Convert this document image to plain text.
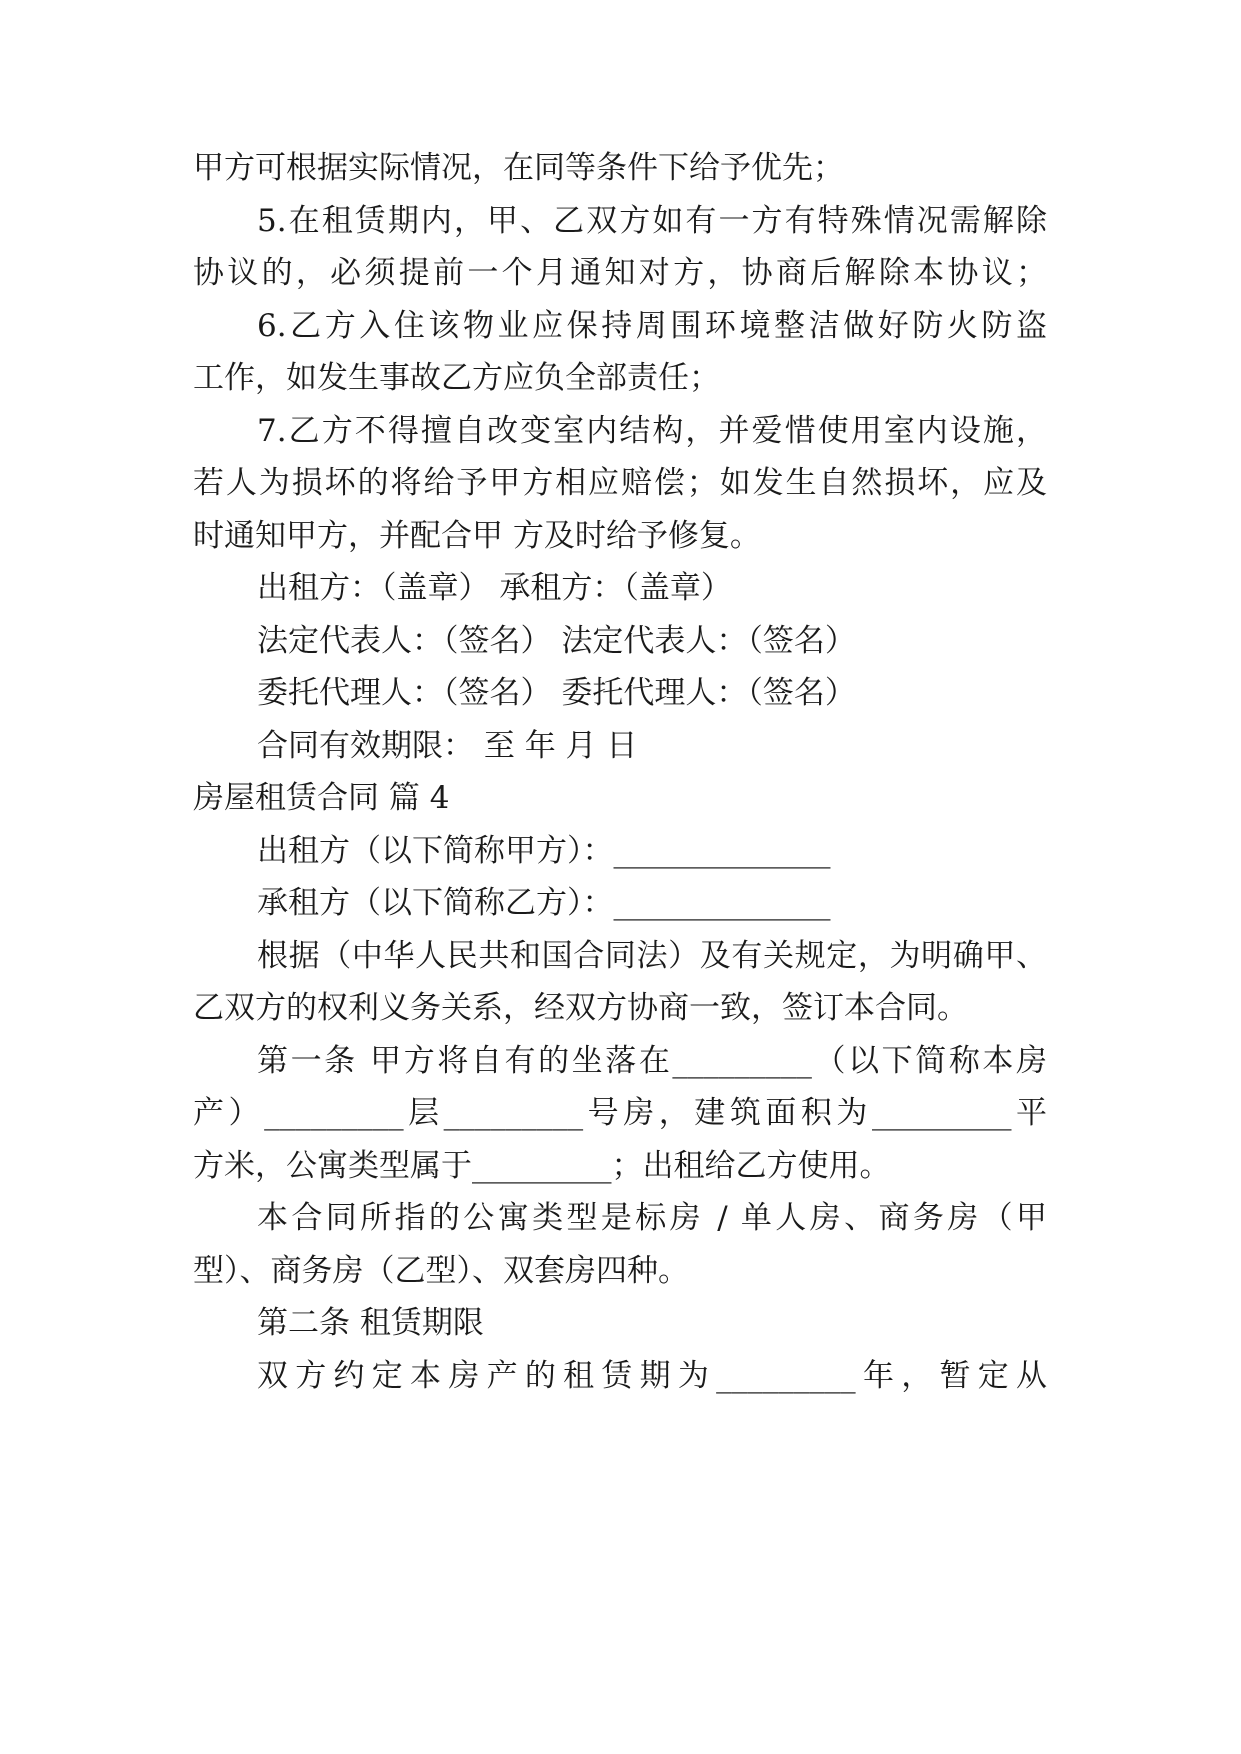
甲方可根据实际情况，在同等条件下给予优先；
5.在租赁期内，甲、乙双方如有一方有特殊情况需解除
协议的，必须提前一个月通知对方，协商后解除本协议；
6.乙方入住该物业应保持周围环境整洁做好防火防盗
工作，如发生事故乙方应负全部责任；
7.乙方不得擅自改变室内结构，并爱惜使用室内设施，
若人为损坏的将给予甲方相应赔偿；如发生自然损坏，应及
时通知甲方，并配合甲 方及时给予修复。
出租方：（盖章） 承租方：（盖章）
法定代表人：（签名） 法定代表人：（签名）
委托代理人：（签名） 委托代理人：（签名）
合同有效期限： 至 年 月 日
房屋租赁合同 篇 4
出租方（以下简称甲方）：______________
承租方（以下简称乙方）：______________
根据（中华人民共和国合同法）及有关规定，为明确甲、
乙双方的权利义务关系，经双方协商一致，签订本合同。
第一条 甲方将自有的坐落在_________（以下简称本房
产）_________层_________号房，建筑面积为_________平
方米，公寓类型属于_________；出租给乙方使用。
本合同所指的公寓类型是标房 / 单人房、商务房（甲
型）、商务房（乙型）、双套房四种。
第二条 租赁期限
双方约定本房产的租赁期为_________年，暂定从
